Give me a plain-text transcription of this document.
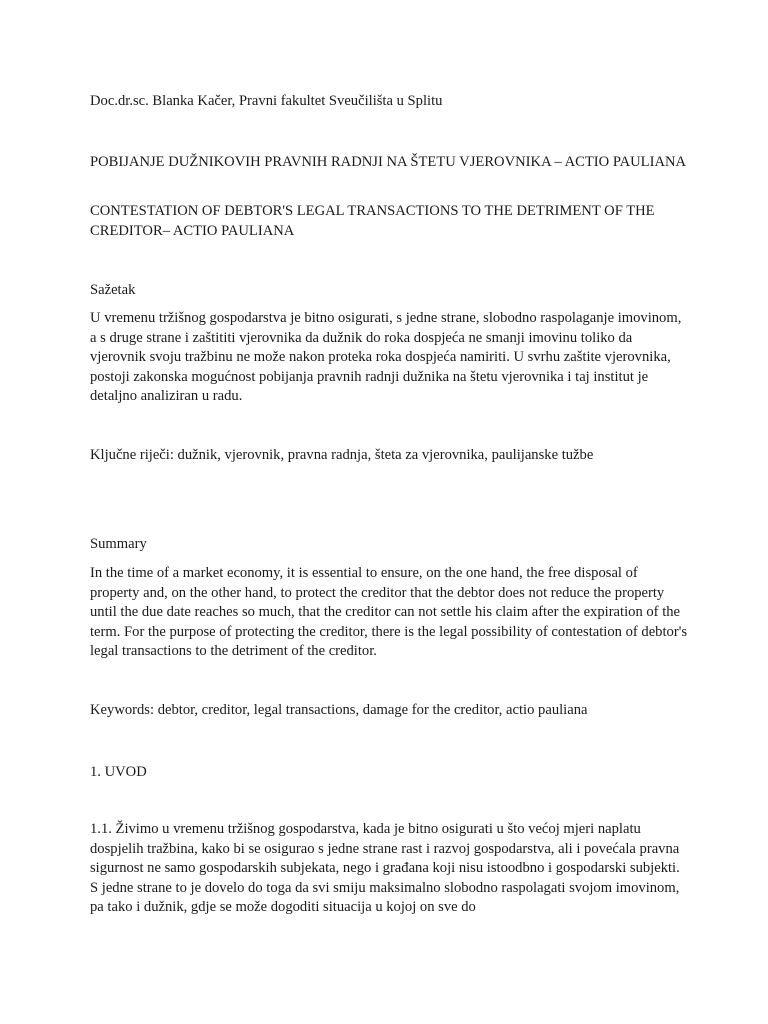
Doc.dr.sc. Blanka Kačer, Pravni fakultet Sveučilišta u Splitu

POBIJANJE DUŽNIKOVIH PRAVNIH RADNJI NA ŠTETU VJEROVNIKA – ACTIO PAULIANA

CONTESTATION OF DEBTOR'S LEGAL TRANSACTIONS TO THE DETRIMENT OF THE CREDITOR– ACTIO PAULIANA

Sažetak

U vremenu tržišnog gospodarstva je bitno osigurati, s jedne strane, slobodno raspolaganje imovinom, a s druge strane i zaštititi vjerovnika da dužnik do roka dospjeća ne smanji imovinu toliko da vjerovnik svoju tražbinu ne može nakon proteka roka dospjeća namiriti. U svrhu zaštite vjerovnika, postoji zakonska mogućnost pobijanja pravnih radnji dužnika na štetu vjerovnika i taj institut je detaljno analiziran u radu.

Ključne riječi: dužnik, vjerovnik, pravna radnja, šteta za vjerovnika, paulijanske tužbe

Summary

In the time of a market economy, it is essential to ensure, on the one hand, the free disposal of property and, on the other hand, to protect the creditor that the debtor does not reduce the property until the due date reaches so much, that the creditor can not settle his claim after the expiration of the term. For the purpose of protecting the creditor, there is the legal possibility of contestation of debtor's legal transactions to the detriment of the creditor.

Keywords: debtor, creditor, legal transactions, damage for the creditor, actio pauliana

1. UVOD

1.1. Živimo u vremenu tržišnog gospodarstva, kada je bitno osigurati u što većoj mjeri naplatu dospjelih tražbina, kako bi se osigurao s jedne strane rast i razvoj gospodarstva, ali i povećala pravna sigurnost ne samo gospodarskih subjekata, nego i građana koji nisu istoodbno i gospodarski subjekti. S jedne strane to je dovelo do toga da svi smiju maksimalno slobodno raspolagati svojom imovinom, pa tako i dužnik, gdje se može dogoditi situacija u kojoj on sve do
